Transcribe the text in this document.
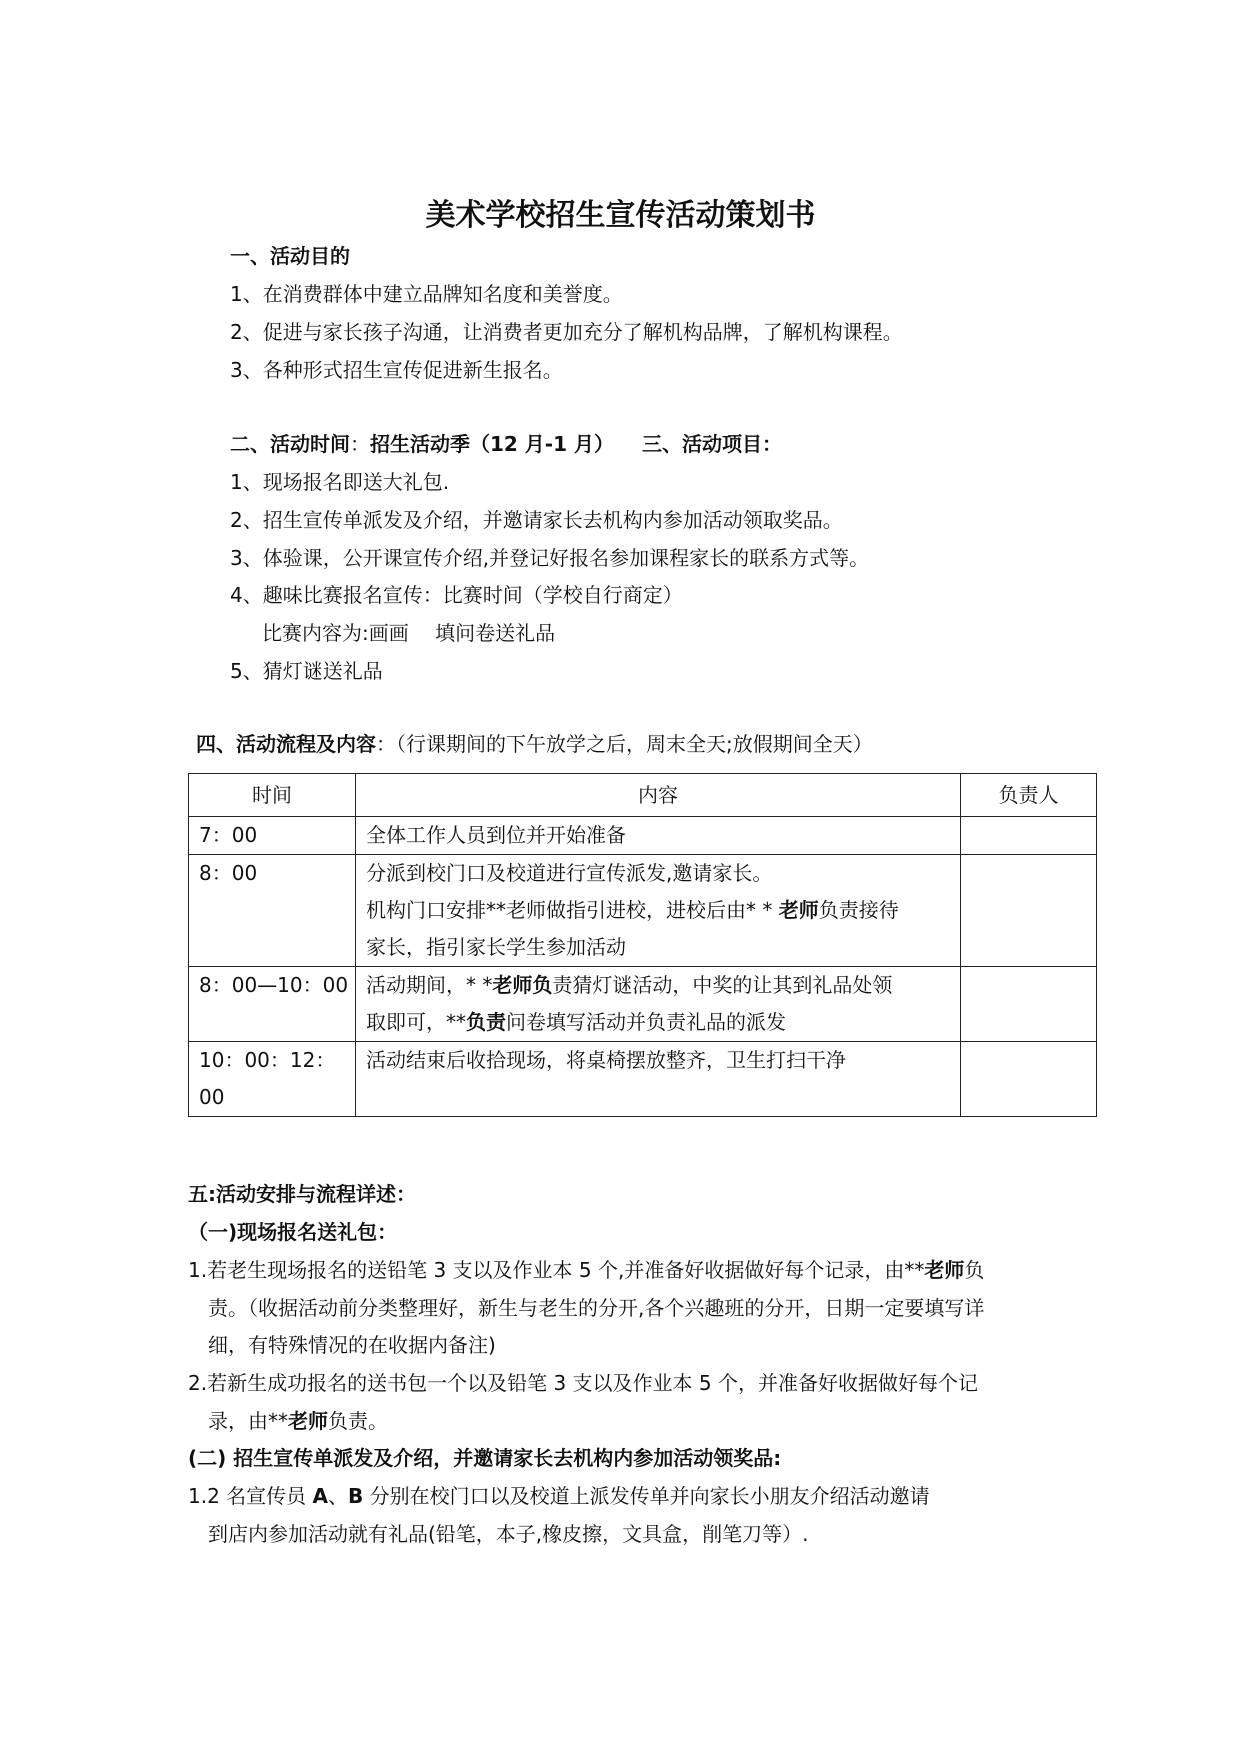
美术学校招生宣传活动策划书
一、活动目的
1、在消费群体中建立品牌知名度和美誉度。
2、促进与家长孩子沟通，让消费者更加充分了解机构品牌，了解机构课程。
3、各种形式招生宣传促进新生报名。
二、活动时间：招生活动季（12 月-1 月） 三、活动项目：
1、现场报名即送大礼包.
2、招生宣传单派发及介绍，并邀请家长去机构内参加活动领取奖品。
3、体验课，公开课宣传介绍,并登记好报名参加课程家长的联系方式等。
4、趣味比赛报名宣传：比赛时间（学校自行商定）
比赛内容为:画画　 填问卷送礼品
5、猜灯谜送礼品
四、活动流程及内容：（行课期间的下午放学之后，周末全天;放假期间全天）
时间	内容	负责人
7：00	全体工作人员到位并开始准备	
8：00	分派到校门口及校道进行宣传派发,邀请家长。
机构门口安排**老师做指引进校，进校后由* * 老师负责接待
家长，指引家长学生参加活动	

8：00—10：00	活动期间，* *老师负责猜灯谜活动，中奖的让其到礼品处领
取即可，**负责问卷填写活动并负责礼品的派发	

10：00：12：
00	活动结束后收拾现场，将桌椅摆放整齐，卫生打扫干净	
五:活动安排与流程详述：
（一)现场报名送礼包：
1.若老生现场报名的送铅笔 3 支以及作业本 5 个,并准备好收据做好每个记录，由**老师负
责。（收据活动前分类整理好，新生与老生的分开,各个兴趣班的分开，日期一定要填写详
细，有特殊情况的在收据内备注)
2.若新生成功报名的送书包一个以及铅笔 3 支以及作业本 5 个，并准备好收据做好每个记
录，由**老师负责。
(二) 招生宣传单派发及介绍，并邀请家长去机构内参加活动领奖品:
1.2 名宣传员 A、B 分别在校门口以及校道上派发传单并向家长小朋友介绍活动邀请
到店内参加活动就有礼品(铅笔，本子,橡皮擦，文具盒，削笔刀等）.
